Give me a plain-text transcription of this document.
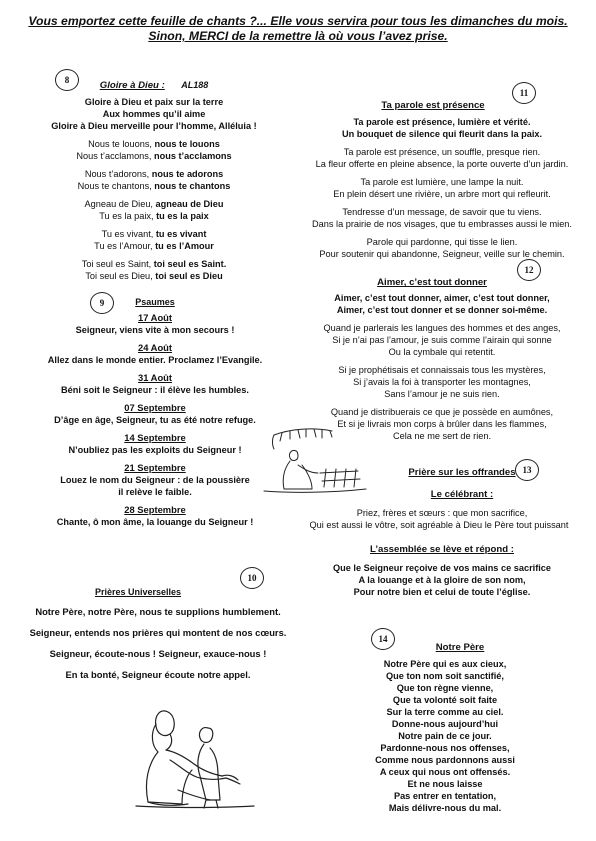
Vous emportez cette feuille de chants ?... Elle vous servira pour tous les dimanches du mois.
Sinon, MERCI de la remettre là où vous l’avez prise.
8	Gloire à Dieu : AL188
Gloire à Dieu et paix sur la terre
Aux hommes qu’il aime
Gloire à Dieu merveille pour l’homme, Alléluia !
Nous te louons, nous te louons
Nous t’acclamons, nous t’acclamons
Nous t’adorons, nous te adorons
Nous te chantons, nous te chantons
Agneau de Dieu, agneau de Dieu
Tu es la paix, tu es la paix
Tu es vivant, tu es vivant
Tu es l’Amour, tu es l’Amour
Toi seul es Saint, toi seul es Saint.
Toi seul es Dieu, toi seul es Dieu
9	Psaumes
17 Août
Seigneur, viens vite à mon secours !
24 Août
Allez dans le monde entier. Proclamez l’Evangile.
31 Août
Béni soit le Seigneur : il élève les humbles.
07 Septembre
D’âge en âge, Seigneur, tu as été notre refuge.
14 Septembre
N’oubliez pas les exploits du Seigneur !
21 Septembre
Louez le nom du Seigneur : de la poussière
il relève le faible.
28 Septembre
Chante, ô mon âme, la louange du Seigneur !
10
Prières Universelles
Notre Père, notre Père, nous te supplions humblement.
Seigneur, entends nos prières qui montent de nos cœurs.
Seigneur, écoute-nous ! Seigneur, exauce-nous !
En ta bonté, Seigneur écoute notre appel.
11
Ta parole est présence
Ta parole est présence, lumière et vérité.
Un bouquet de silence qui fleurit dans la paix.
Ta parole est présence, un souffle, presque rien.
La fleur offerte en pleine absence, la porte ouverte d’un jardin.
Ta parole est lumière, une lampe la nuit.
En plein désert une rivière, un arbre mort qui refleurit.
Tendresse d’un message, de savoir que tu viens.
Dans la prairie de nos visages, que tu embrasses aussi le mien.
Parole qui pardonne, qui tisse le lien.
Pour soutenir qui abandonne, Seigneur, veille sur le chemin.
12
Aimer, c’est tout donner
Aimer, c’est tout donner, aimer, c’est tout donner,
Aimer, c’est tout donner et se donner soi-même.
Quand je parlerais les langues des hommes et des anges,
Si je n’ai pas l’amour, je suis comme l’airain qui sonne
Ou la cymbale qui retentit.
Si je prophétisais et connaissais tous les mystères,
Si j’avais la foi à transporter les montagnes,
Sans l’amour je ne suis rien.
Quand je distribuerais ce que je possède en aumônes,
Et si je livrais mon corps à brûler dans les flammes,
Cela ne me sert de rien.
13
Prière sur les offrandes
Le célébrant :
Priez, frères et sœurs : que mon sacrifice,
Qui est aussi le vôtre, soit agréable à Dieu le Père tout puissant
L’assemblée se lève et répond :
Que le Seigneur reçoive de vos mains ce sacrifice
A la louange et à la gloire de son nom,
Pour notre bien et celui de toute l’église.
14
Notre Père
Notre Père qui es aux cieux,
Que ton nom soit sanctifié,
Que ton règne vienne,
Que ta volonté soit faite
Sur la terre comme au ciel.
Donne-nous aujourd’hui
Notre pain de ce jour.
Pardonne-nous nos offenses,
Comme nous pardonnons aussi
A ceux qui nous ont offensés.
Et ne nous laisse
Pas entrer en tentation,
Mais délivre-nous du mal.
